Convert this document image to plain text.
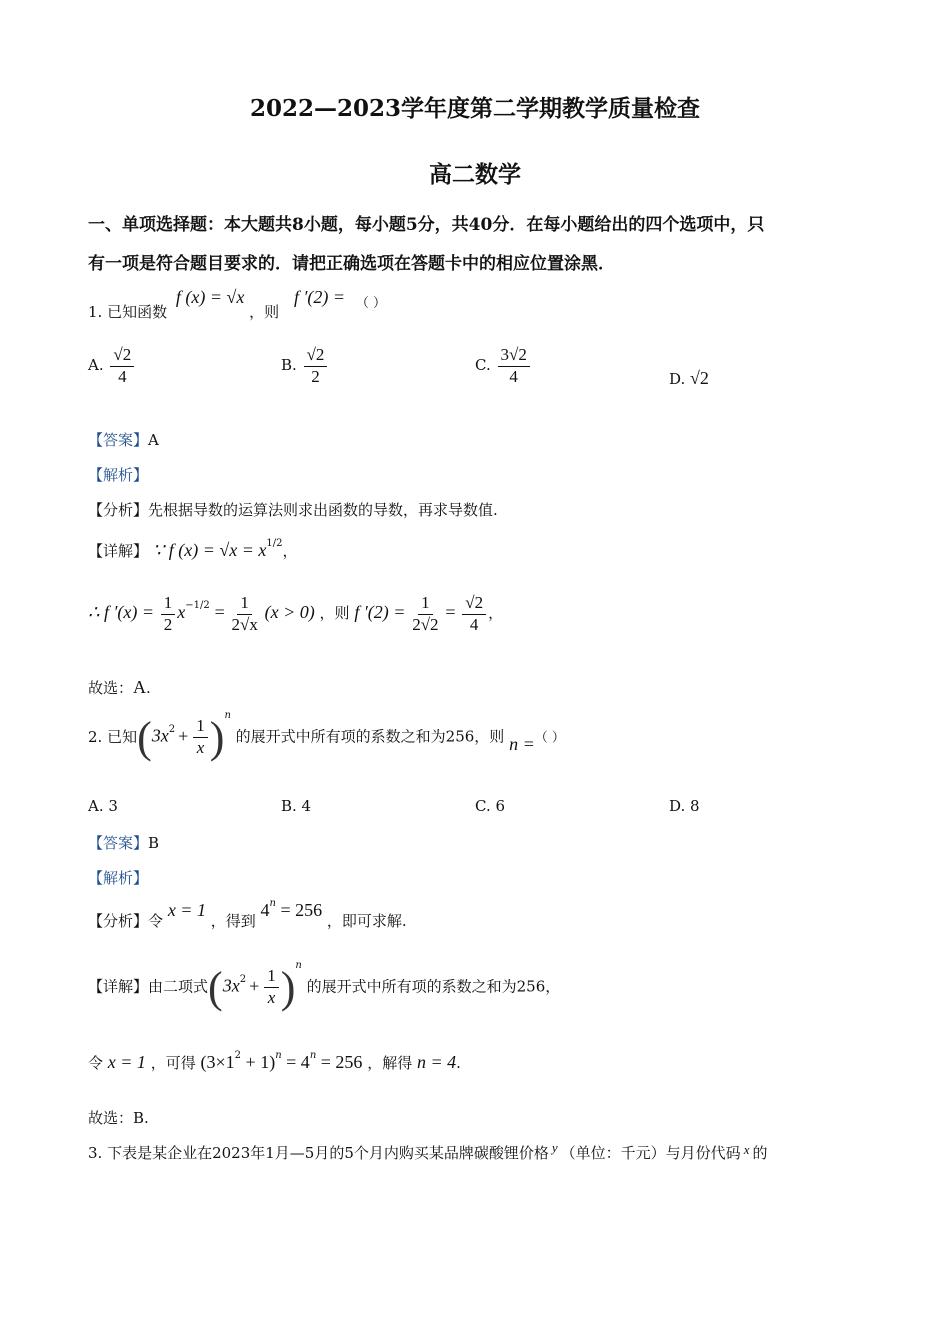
2022—2023学年度第二学期教学质量检查
高二数学
一、单项选择题：本大题共8小题，每小题5分，共40分．在每小题给出的四个选项中，只
有一项是符合题目要求的．请把正确选项在答题卡中的相应位置涂黑．
1. 已知函数 f (x) = √x ，则 f ′(2) = （ ）
A. $\frac{√2}{4}$	B. $\frac{√2}{2}$	C. $\frac{3√2}{4}$	D. √2
【答案】A
【解析】
【分析】先根据导数的运算法则求出函数的导数，再求导数值.
【详解】 ∵ f $(x) = √x = x^{1/2}$，
∴ f $'(x) = \frac{1}{2} x^{-1/2} = \frac{1}{2√x} (x > 0)$ ，则 f $'(2) = \frac{1}{2√2} = \frac{√2}{4}$ ，
故选：A.
2. 已知$(3x^2 + \frac{1}{x} )^n$ 的展开式中所有项的系数之和为256，则 n =（ ）
A. 3	B. 4	C. 6	D. 8
【答案】B
【解析】
【分析】令 x = 1 ，得到 $4^n = 256$ ，即可求解.
【详解】由二项式$(3x^2 + \frac{1}{x} )^n$ 的展开式中所有项的系数之和为256，
令 x = 1 ，可得 $(3\times 1^2 + 1)^n = 4^n = 256$ ，解得 n = 4.
故选：B.
3. 下表是某企业在2023年1月—5月的5个月内购买某品牌碳酸锂价格 y （单位：千元）与月份代码 x 的
